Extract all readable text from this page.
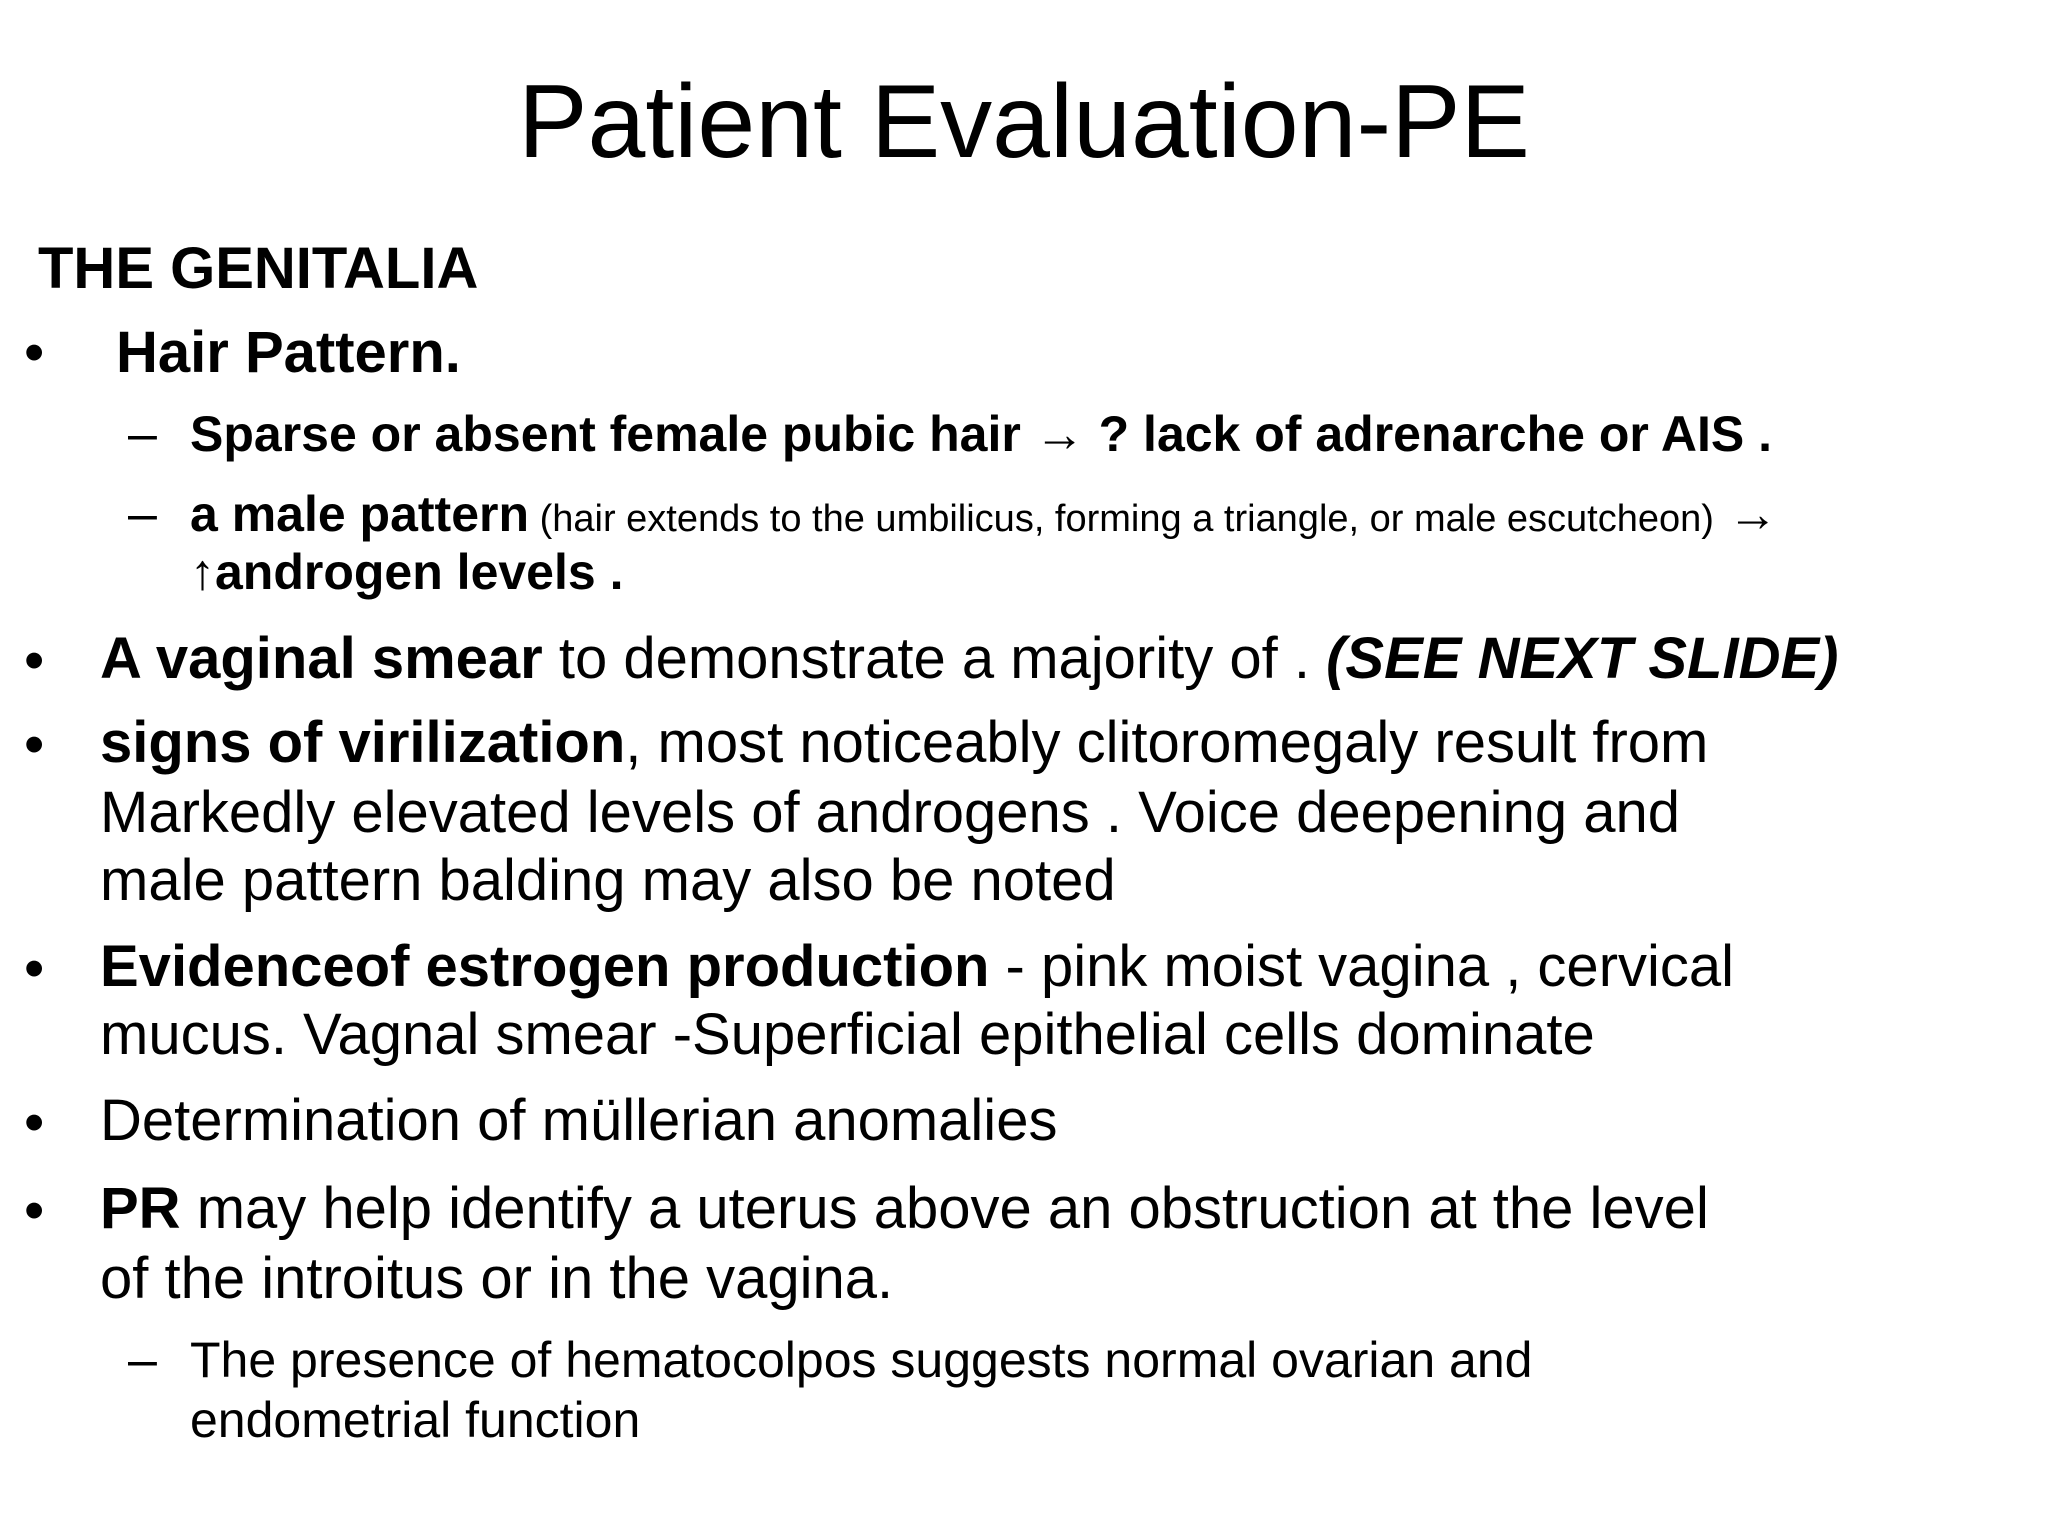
Patient Evaluation-PE
THE GENITALIA
• Hair Pattern.
– Sparse or absent female pubic hair → ? lack of adrenarche or AIS .
– a male pattern (hair extends to the umbilicus, forming a triangle, or male escutcheon) →
↑androgen levels .
• A vaginal smear to demonstrate a majority of . (SEE NEXT SLIDE)
• signs of virilization, most noticeably clitoromegaly result from
Markedly elevated levels of androgens . Voice deepening and
male pattern balding may also be noted
• Evidenceof estrogen production - pink moist vagina , cervical
mucus. Vagnal smear -Superficial epithelial cells dominate
• Determination of müllerian anomalies
• PR may help identify a uterus above an obstruction at the level
of the introitus or in the vagina.
– The presence of hematocolpos suggests normal ovarian and
endometrial function
